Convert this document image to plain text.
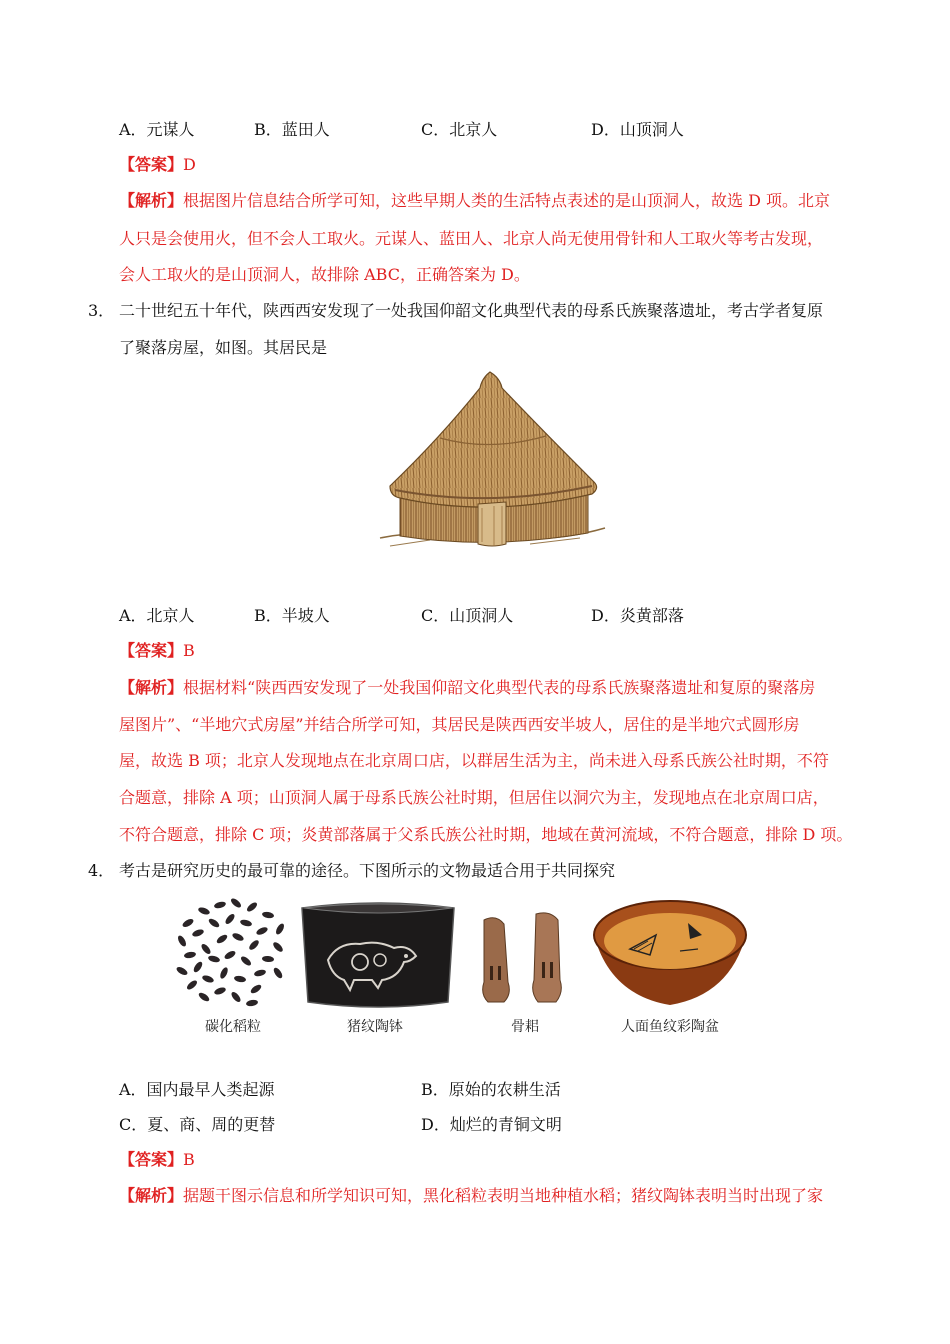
A．元谋人	B．蓝田人	C．北京人	D．山顶洞人
【答案】D
【解析】根据图片信息结合所学可知，这些早期人类的生活特点表述的是山顶洞人，故选 D 项。北京
人只是会使用火，但不会人工取火。元谋人、蓝田人、北京人尚无使用骨针和人工取火等考古发现，
会人工取火的是山顶洞人，故排除 ABC，正确答案为 D。
3． 二十世纪五十年代，陕西西安发现了一处我国仰韶文化典型代表的母系氏族聚落遗址，考古学者复原
了聚落房屋，如图。其居民是
A．北京人	B．半坡人	C．山顶洞人	D．炎黄部落
【答案】B
【解析】根据材料“陕西西安发现了一处我国仰韶文化典型代表的母系氏族聚落遗址和复原的聚落房
屋图片”、“半地穴式房屋”并结合所学可知，其居民是陕西西安半坡人，居住的是半地穴式圆形房
屋，故选 B 项；北京人发现地点在北京周口店，以群居生活为主，尚未进入母系氏族公社时期，不符
合题意，排除 A 项；山顶洞人属于母系氏族公社时期，但居住以洞穴为主，发现地点在北京周口店，
不符合题意，排除 C 项；炎黄部落属于父系氏族公社时期，地域在黄河流域，不符合题意，排除 D 项。
4． 考古是研究历史的最可靠的途径。下图所示的文物最适合用于共同探究
碳化稻粒	猪纹陶钵	骨耜	人面鱼纹彩陶盆
A．国内最早人类起源	B．原始的农耕生活
C．夏、商、周的更替	D．灿烂的青铜文明
【答案】B
【解析】据题干图示信息和所学知识可知，黑化稻粒表明当地种植水稻；猪纹陶钵表明当时出现了家
